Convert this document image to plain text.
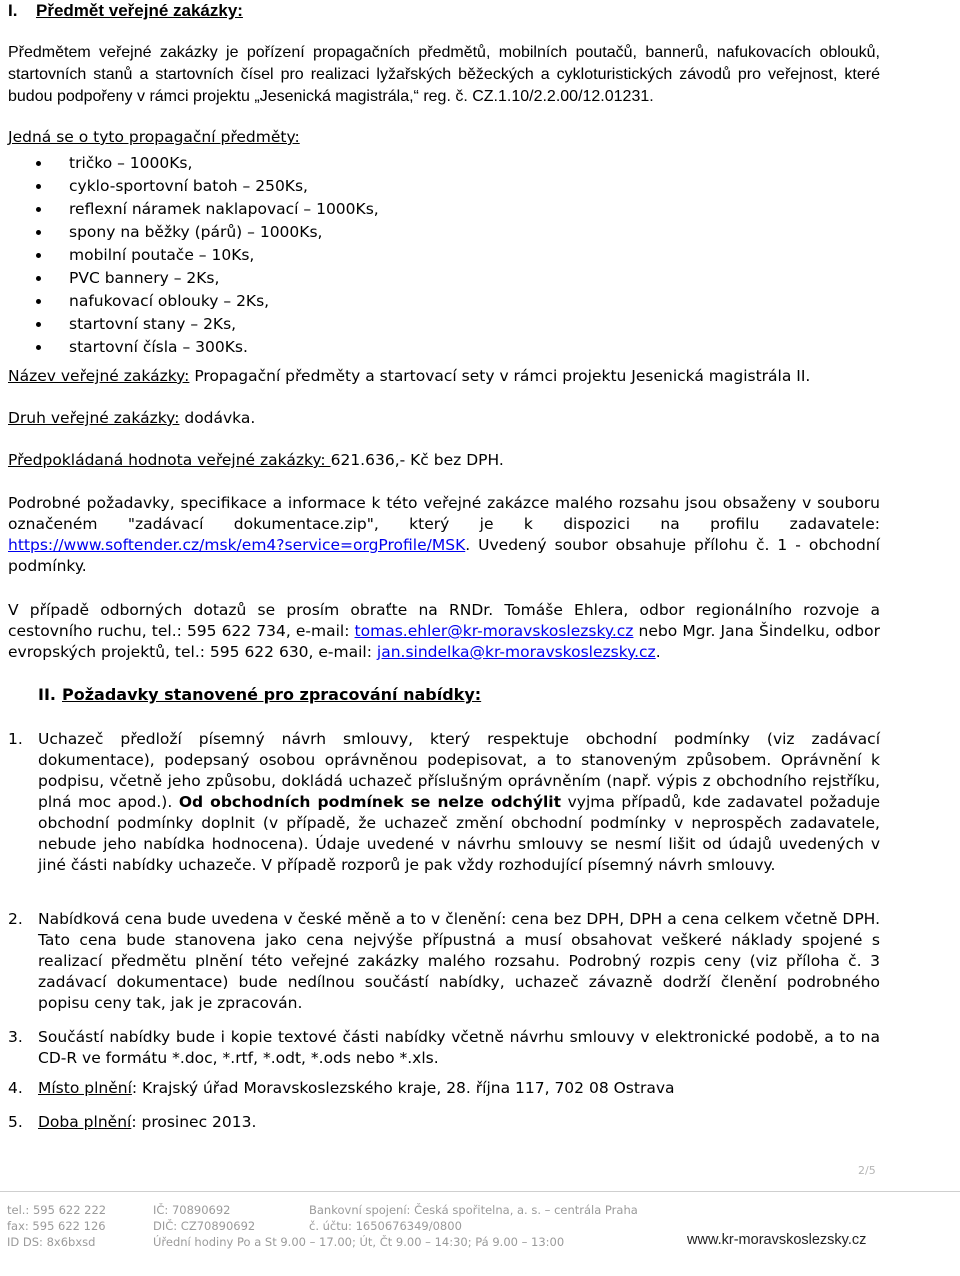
I. Předmět veřejné zakázky:
Předmětem veřejné zakázky je pořízení propagačních předmětů, mobilních poutačů, bannerů, nafukovacích oblouků, startovních stanů a startovních čísel pro realizaci lyžařských běžeckých a cykloturistických závodů pro veřejnost, které budou podpořeny v rámci projektu „Jesenická magistrála,“ reg. č. CZ.1.10/2.2.00/12.01231.
Jedná se o tyto propagační předměty:
tričko – 1000Ks,
cyklo-sportovní batoh – 250Ks,
reflexní náramek naklapovací – 1000Ks,
spony na běžky (párů) – 1000Ks,
mobilní poutače – 10Ks,
PVC bannery – 2Ks,
nafukovací oblouky – 2Ks,
startovní stany – 2Ks,
startovní čísla – 300Ks.
Název veřejné zakázky: Propagační předměty a startovací sety v rámci projektu Jesenická magistrála II.
Druh veřejné zakázky: dodávka.
Předpokládaná hodnota veřejné zakázky: 621.636,- Kč bez DPH.
Podrobné požadavky, specifikace a informace k této veřejné zakázce malého rozsahu jsou obsaženy v souboru označeném "zadávací dokumentace.zip", který je k dispozici na profilu zadavatele: https://www.softender.cz/msk/em4?service=orgProfile/MSK. Uvedený soubor obsahuje přílohu č. 1 - obchodní podmínky.
V případě odborných dotazů se prosím obraťte na RNDr. Tomáše Ehlera, odbor regionálního rozvoje a cestovního ruchu, tel.: 595 622 734, e-mail: tomas.ehler@kr-moravskoslezsky.cz nebo Mgr. Jana Šindelku, odbor evropských projektů, tel.: 595 622 630, e-mail: jan.sindelka@kr-moravskoslezsky.cz.
II. Požadavky stanovené pro zpracování nabídky:
1. Uchazeč předloží písemný návrh smlouvy, který respektuje obchodní podmínky (viz zadávací dokumentace), podepsaný osobou oprávněnou podepisovat, a to stanoveným způsobem. Oprávnění k podpisu, včetně jeho způsobu, dokládá uchazeč příslušným oprávněním (např. výpis z obchodního rejstříku, plná moc apod.). Od obchodních podmínek se nelze odchýlit vyjma případů, kde zadavatel požaduje obchodní podmínky doplnit (v případě, že uchazeč změní obchodní podmínky v neprospěch zadavatele, nebude jeho nabídka hodnocena). Údaje uvedené v návrhu smlouvy se nesmí lišit od údajů uvedených v jiné části nabídky uchazeče. V případě rozporů je pak vždy rozhodující písemný návrh smlouvy.
2. Nabídková cena bude uvedena v české měně a to v členění: cena bez DPH, DPH a cena celkem včetně DPH. Tato cena bude stanovena jako cena nejvýše přípustná a musí obsahovat veškeré náklady spojené s realizací předmětu plnění této veřejné zakázky malého rozsahu. Podrobný rozpis ceny (viz příloha č. 3 zadávací dokumentace) bude nedílnou součástí nabídky, uchazeč závazně dodrží členění podrobného popisu ceny tak, jak je zpracován.
3. Součástí nabídky bude i kopie textové části nabídky včetně návrhu smlouvy v elektronické podobě, a to na CD-R ve formátu *.doc, *.rtf, *.odt, *.ods nebo *.xls.
4. Místo plnění: Krajský úřad Moravskoslezského kraje, 28. října 117, 702 08 Ostrava
5. Doba plnění: prosinec 2013.
2/5
tel.: 595 622 222
fax: 595 622 126
ID DS: 8x6bxsd
IČ: 70890692
DIČ: CZ70890692
Úřední hodiny Po a St 9.00 – 17.00; Út, Čt 9.00 – 14:30; Pá 9.00 – 13:00
Bankovní spojení: Česká spořitelna, a. s. – centrála Praha
č. účtu: 1650676349/0800
www.kr-moravskoslezsky.cz
